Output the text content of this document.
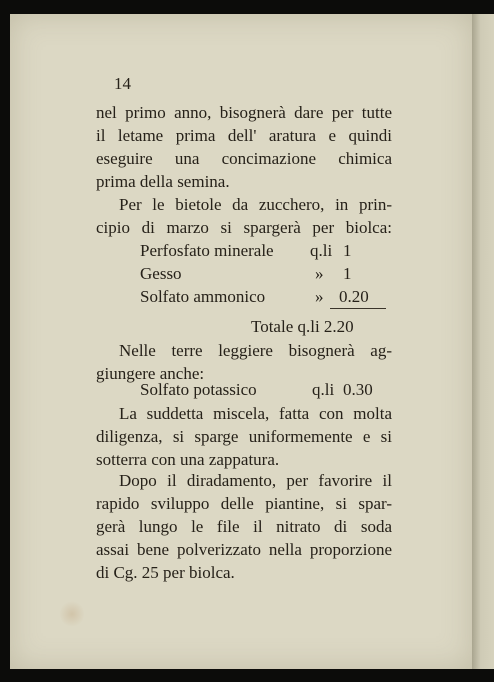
14
nel primo anno, bisognerà dare per tutte
il letame prima dell' aratura e quindi
eseguire una concimazione chimica
prima della semina.
Per le bietole da zucchero, in prin-
cipio di marzo si spargerà per biolca:
Perfosfato minerale q.li 1
Gesso	» 1
Solfato ammonico	» 0.20
Totale q.li 2.20
Nelle terre leggiere bisognerà ag-
giungere anche:
Solfato potassico	q.li 0.30
La suddetta miscela, fatta con molta
diligenza, si sparge uniformemente e si
sotterra con una zappatura.
Dopo il diradamento, per favorire il
rapido sviluppo delle piantine, si spar-
gerà lungo le file il nitrato di soda
assai bene polverizzato nella proporzione
di Cg. 25 per biolca.
